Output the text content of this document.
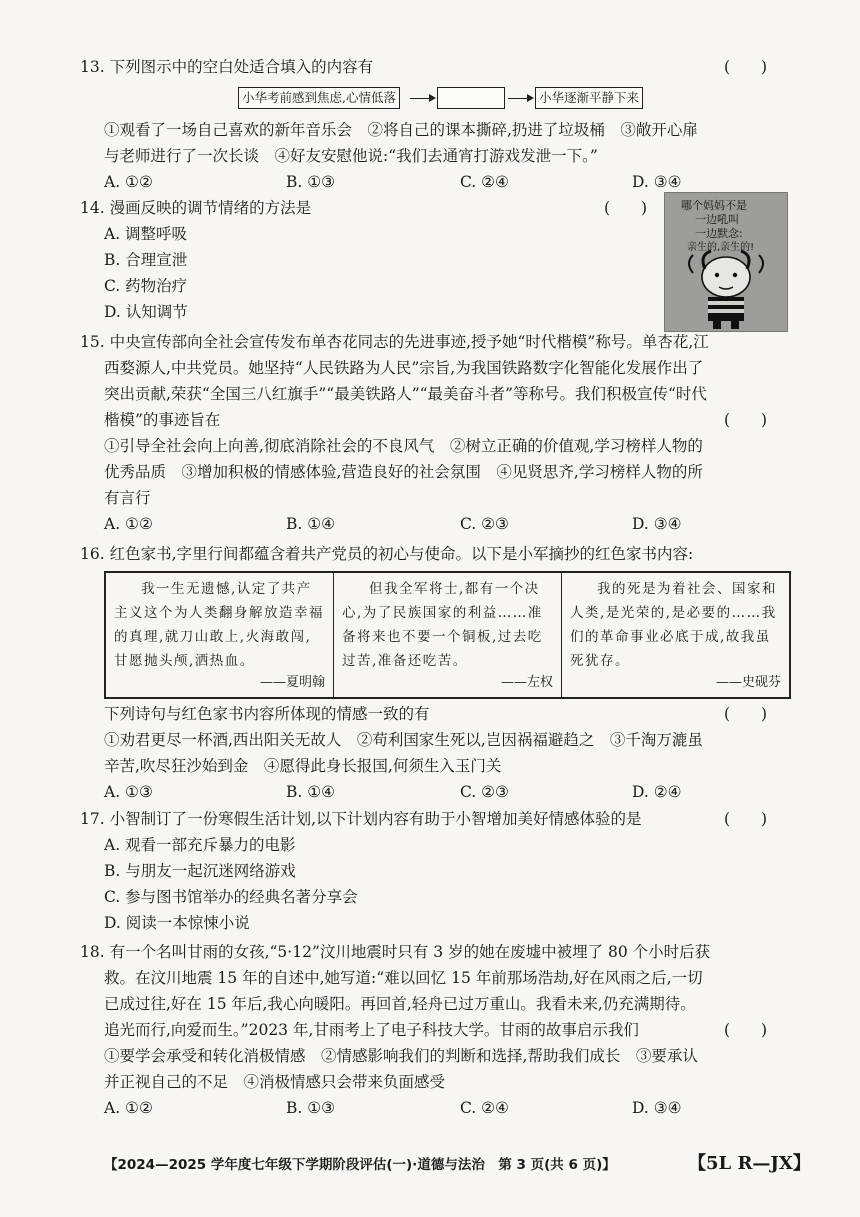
13. 下列图示中的空白处适合填入的内容有	(　　)
小华考前感到焦虑,心情低落	小华逐渐平静下来
①观看了一场自己喜欢的新年音乐会　②将自己的课本撕碎,扔进了垃圾桶　③敞开心扉
与老师进行了一次长谈　④好友安慰他说:“我们去通宵打游戏发泄一下。”
A. ①②	B. ①③	C. ②④	D. ③④
14. 漫画反映的调节情绪的方法是	(　　)
A. 调整呼吸
B. 合理宣泄
C. 药物治疗
D. 认知调节
哪个妈妈不是
一边吼叫
一边默念:
亲生的,亲生的!
15. 中央宣传部向全社会宣传发布单杏花同志的先进事迹,授予她“时代楷模”称号。单杏花,江
西婺源人,中共党员。她坚持“人民铁路为人民”宗旨,为我国铁路数字化智能化发展作出了
突出贡献,荣获“全国三八红旗手”“最美铁路人”“最美奋斗者”等称号。我们积极宣传“时代
楷模”的事迹旨在	(　　)
①引导全社会向上向善,彻底消除社会的不良风气　②树立正确的价值观,学习榜样人物的
优秀品质　③增加积极的情感体验,营造良好的社会氛围　④见贤思齐,学习榜样人物的所
有言行
A. ①②	B. ①④	C. ②③	D. ③④
16. 红色家书,字里行间都蕴含着共产党员的初心与使命。以下是小军摘抄的红色家书内容:
我一生无遗憾,认定了共产主义这个为人类翻身解放造幸福的真理,就刀山敢上,火海敢闯,甘愿抛头颅,洒热血。
——夏明翰
但我全军将士,都有一个决心,为了民族国家的利益……准备将来也不要一个铜板,过去吃过苦,准备还吃苦。
——左权
我的死是为着社会、国家和人类,是光荣的,是必要的……我们的革命事业必底于成,故我虽死犹存。
——史砚芬
下列诗句与红色家书内容所体现的情感一致的有	(　　)
①劝君更尽一杯酒,西出阳关无故人　②苟利国家生死以,岂因祸福避趋之　③千淘万漉虽
辛苦,吹尽狂沙始到金　④愿得此身长报国,何须生入玉门关
A. ①③	B. ①④	C. ②③	D. ②④
17. 小智制订了一份寒假生活计划,以下计划内容有助于小智增加美好情感体验的是	(　　)
A. 观看一部充斥暴力的电影
B. 与朋友一起沉迷网络游戏
C. 参与图书馆举办的经典名著分享会
D. 阅读一本惊悚小说
18. 有一个名叫甘雨的女孩,“5·12”汶川地震时只有 3 岁的她在废墟中被埋了 80 个小时后获
救。在汶川地震 15 年的自述中,她写道:“难以回忆 15 年前那场浩劫,好在风雨之后,一切
已成过往,好在 15 年后,我心向暖阳。再回首,轻舟已过万重山。我看未来,仍充满期待。
追光而行,向爱而生。”2023 年,甘雨考上了电子科技大学。甘雨的故事启示我们	(　　)
①要学会承受和转化消极情感　②情感影响我们的判断和选择,帮助我们成长　③要承认
并正视自己的不足　④消极情感只会带来负面感受
A. ①②	B. ①③	C. ②④	D. ③④
【2024—2025 学年度七年级下学期阶段评估(一)·道德与法治　第 3 页(共 6 页)】	【5L R—JX】
